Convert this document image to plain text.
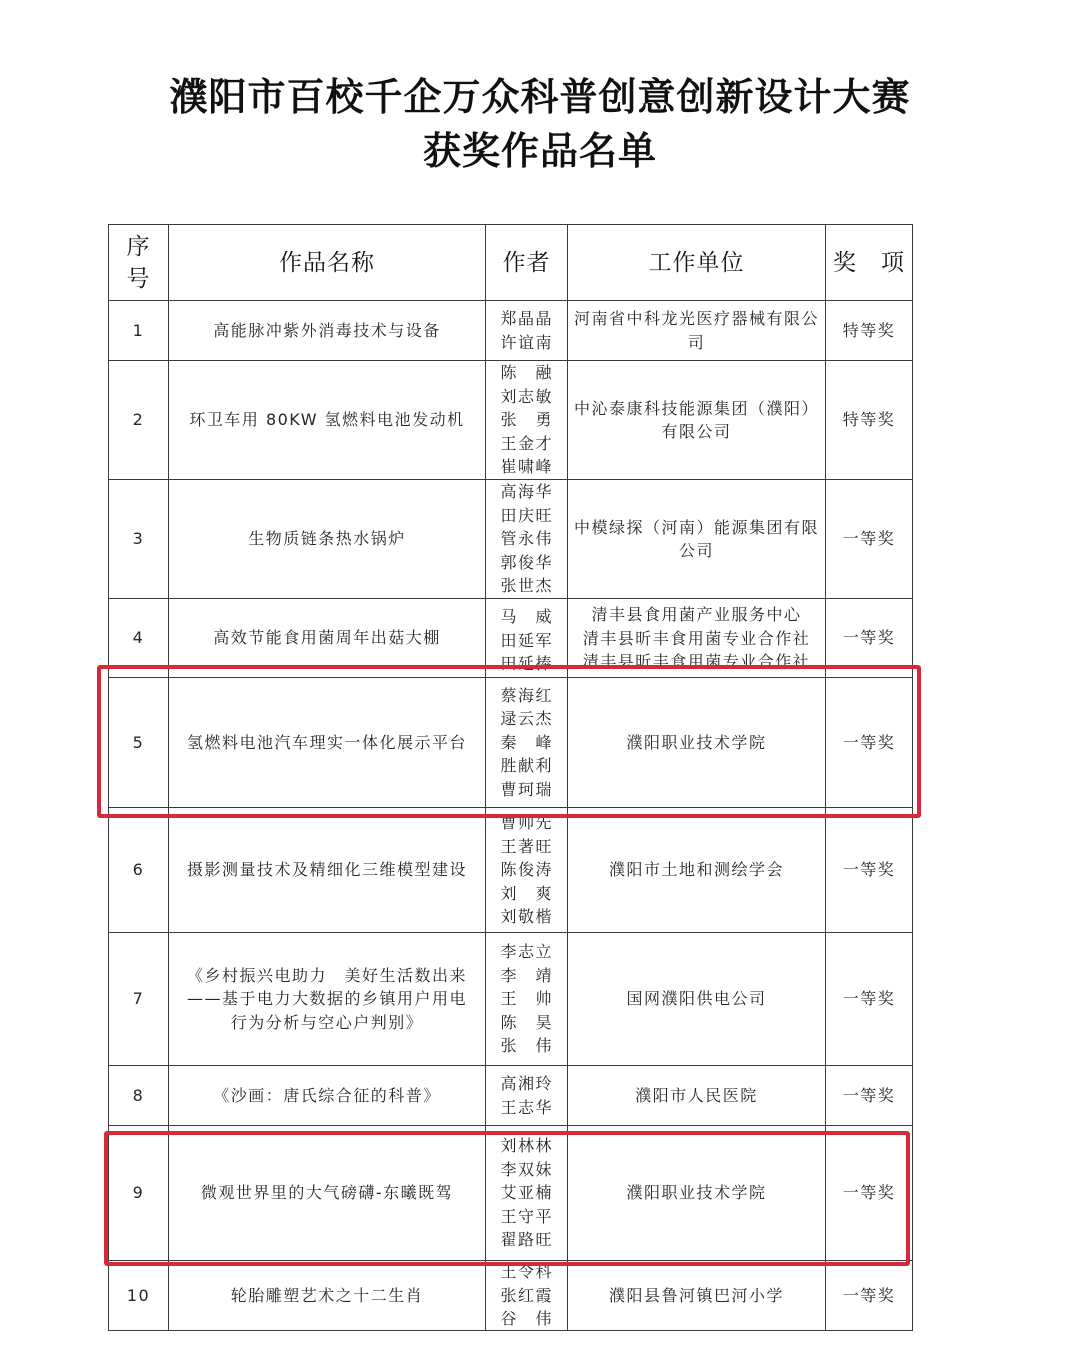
濮阳市百校千企万众科普创意创新设计大赛
获奖作品名单
序号	作品名称	作者	工作单位	奖　项
1	高能脉冲紫外消毒技术与设备	郑晶晶
许谊南	河南省中科龙光医疗器械有限公司	特等奖
2	环卫车用 80KW 氢燃料电池发动机	陈　融
刘志敏
张　勇
王金才
崔啸峰	中沁泰康科技能源集团（濮阳）有限公司	特等奖
3	生物质链条热水锅炉	高海华
田庆旺
管永伟
郭俊华
张世杰	中模绿探（河南）能源集团有限公司	一等奖
4	高效节能食用菌周年出菇大棚	马　威
田延军
田延捧	清丰县食用菌产业服务中心
清丰县昕丰食用菌专业合作社
清丰县昕丰食用菌专业合作社	一等奖
5	氢燃料电池汽车理实一体化展示平台	蔡海红
逯云杰
秦　峰
胜献利
曹珂瑞	濮阳职业技术学院	一等奖
6	摄影测量技术及精细化三维模型建设	曹帅先
王著旺
陈俊涛
刘　爽
刘敬楷	濮阳市土地和测绘学会	一等奖
7	《乡村振兴电助力　美好生活数出来——基于电力大数据的乡镇用户用电行为分析与空心户判别》	李志立
李　靖
王　帅
陈　昊
张　伟	国网濮阳供电公司	一等奖
8	《沙画：唐氏综合征的科普》	高湘玲
王志华	濮阳市人民医院	一等奖
9	微观世界里的大气磅礴-东曦既驾	刘林林
李双妹
艾亚楠
王守平
翟路旺	濮阳职业技术学院	一等奖
10	轮胎雕塑艺术之十二生肖	王令科
张红霞
谷　伟	濮阳县鲁河镇巴河小学	一等奖
